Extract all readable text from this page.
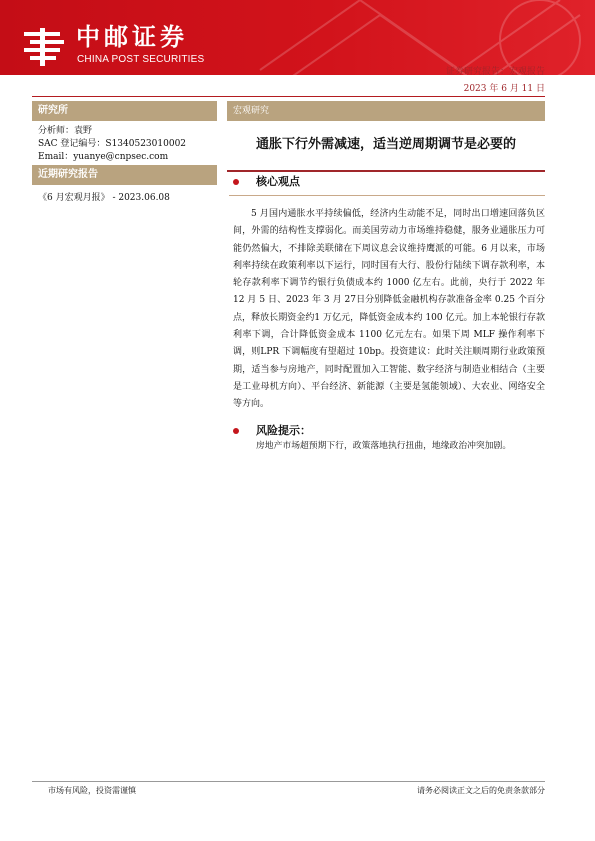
中邮证券
CHINA POST SECURITIES
证券研究报告：宏观报告
2023 年 6 月 11 日
研究所
分析师：袁野
SAC 登记编号：S1340523010002
Email：yuanye@cnpsec.com
近期研究报告
《6 月宏观月报》 - 2023.06.08
宏观研究
通胀下行外需减速，适当逆周期调节是必要的
核心观点

5 月国内通胀水平持续偏低，经济内生动能不足，同时出口增速回落负区间，外需的结构性支撑弱化。而美国劳动力市场维持稳健，服务业通胀压力可能仍然偏大，不排除美联储在下周议息会议维持鹰派的可能。6 月以来，市场利率持续在政策利率以下运行，同时国有大行、股份行陆续下调存款利率，本轮存款利率下调节约银行负债成本约 1000 亿左右。此前，央行于 2022 年 12 月 5 日、2023 年 3 月 27日分别降低金融机构存款准备金率 0.25 个百分点，释放长期资金约1 万亿元，降低资金成本约 100 亿元。加上本轮银行存款利率下调，合计降低资金成本 1100 亿元左右。如果下周 MLF 操作利率下调，则LPR 下调幅度有望超过 10bp。投资建议：此时关注顺周期行业政策预期，适当参与房地产，同时配置加入工智能、数字经济与制造业相结合（主要是工业母机方向）、平台经济、新能源（主要是氢能领域）、大农业、网络安全等方向。

风险提示：
房地产市场超预期下行，政策落地执行扭曲，地缘政治冲突加剧。
市场有风险，投资需谨慎	请务必阅读正文之后的免责条款部分
